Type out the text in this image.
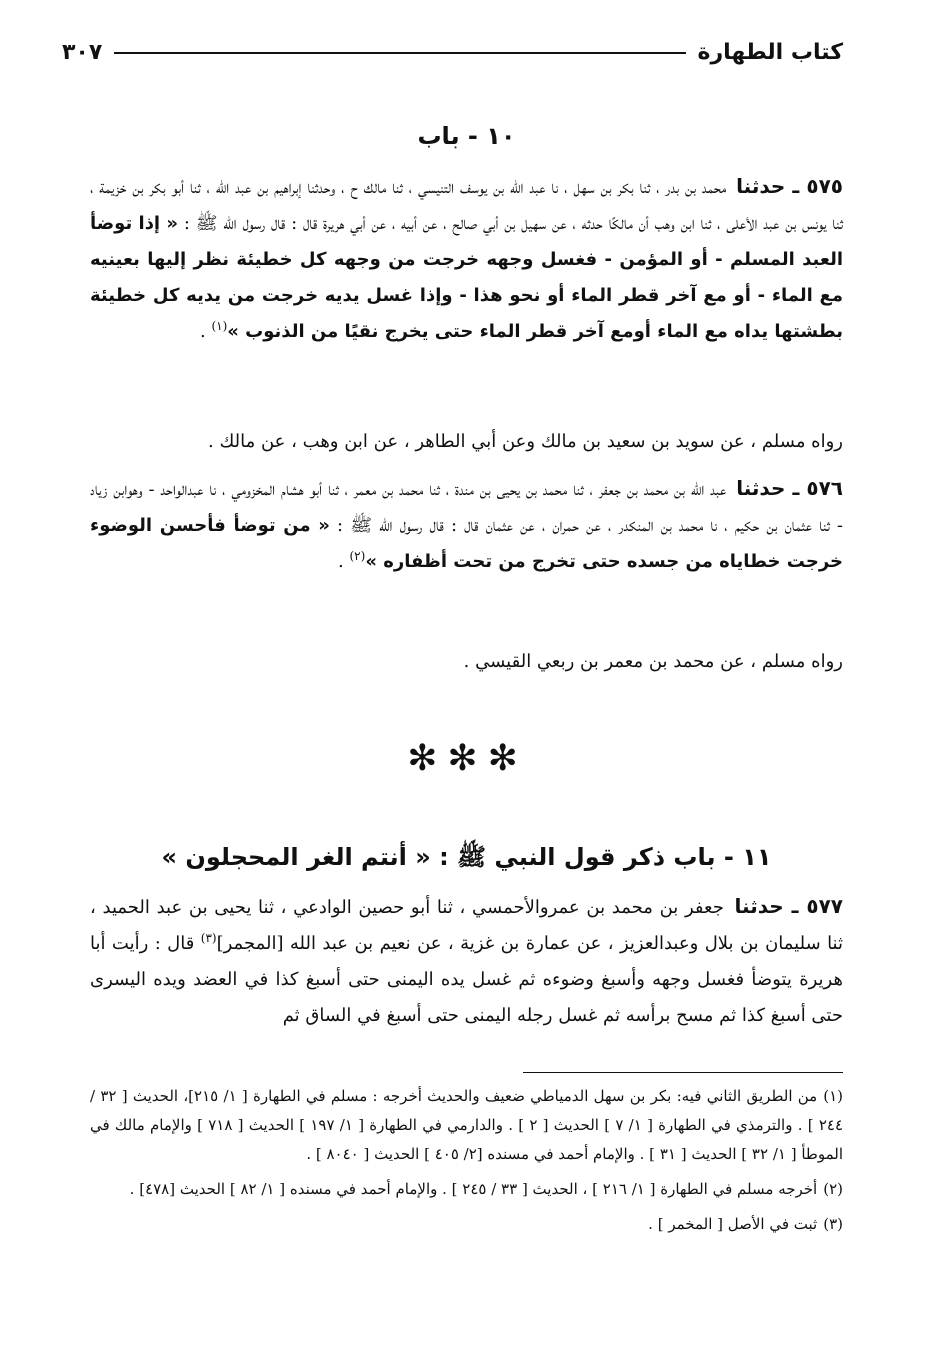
كتاب الطهارة
٣٠٧
١٠ - باب
٥٧٥ ـ حدثنا محمد بن بدر ، ثنا بكر بن سهل ، نا عبد الله بن يوسف التنيسي ، ثنا مالك ح ، وحدثنا إبراهيم بن عبد الله ، ثنا أبو بكر بن خزيمة ، ثنا يونس بن عبد الأعلى ، ثنا ابن وهب أن مالكًا حدثه ، عن سهيل بن أبي صالح ، عن أبيه ، عن أبي هريرة قال : قال رسول الله ﷺ : « إذا توضأ العبد المسلم - أو المؤمن - فغسل وجهه خرجت من وجهه كل خطيئة نظر إليها بعينيه مع الماء - أو مع آخر قطر الماء أو نحو هذا - وإذا غسل يديه خرجت من يديه كل خطيئة بطشتها يداه مع الماء أومع آخر قطر الماء حتى يخرج نقيًا من الذنوب »$^{(١)}$ .
رواه مسلم ، عن سويد بن سعيد بن مالك وعن أبي الطاهر ، عن ابن وهب ، عن مالك .
٥٧٦ ـ حدثنا عبد الله بن محمد بن جعفر ، ثنا محمد بن يحيى بن مندة ، ثنا محمد بن معمر ، ثنا أبو هشام المخزومي ، نا عبدالواحد - وهوابن زياد - ثنا عثمان بن حكيم ، نا محمد بن المنكدر ، عن حمران ، عن عثمان قال : قال رسول الله ﷺ : « من توضأ فأحسن الوضوء خرجت خطاياه من جسده حتى تخرج من تحت أظفاره »$^{(٢)}$ .
رواه مسلم ، عن محمد بن معمر بن ربعي القيسي .
✻✻✻
١١ - باب ذكر قول النبي ﷺ : « أنتم الغر المحجلون »
٥٧٧ ـ حدثنا جعفر بن محمد بن عمروالأحمسي ، ثنا أبو حصين الوادعي ، ثنا يحيى بن عبد الحميد ، ثنا سليمان بن بلال وعبدالعزيز ، عن عمارة بن غزية ، عن نعيم بن عبد الله [المجمر]$^{(٣)}$ قال : رأيت أبا هريرة يتوضأ فغسل وجهه وأسبغ وضوءه ثم غسل يده اليمنى حتى أسبغ كذا في العضد ويده اليسرى حتى أسبغ كذا ثم مسح برأسه ثم غسل رجله اليمنى حتى أسبغ في الساق ثم

(١)من الطريق الثاني فيه: بكر بن سهل الدمياطي ضعيف والحديث أخرجه : مسلم في الطهارة [ ١/ ٢١٥]، الحديث [ ٣٢ / ٢٤٤ ] . والترمذي في الطهارة [ ١/ ٧ ] الحديث [ ٢ ] . والدارمي في الطهارة [ ١/ ١٩٧ ] الحديث [ ٧١٨ ] والإمام مالك في الموطأ [ ١/ ٣٢ ] الحديث [ ٣١ ] . والإمام أحمد في مسنده [٢/ ٤٠٥ ] الحديث [ ٨٠٤٠ ] .

(٢)أخرجه مسلم في الطهارة [ ١/ ٢١٦ ] ، الحديث [ ٣٣ / ٢٤٥ ] . والإمام أحمد في مسنده [ ١/ ٨٢ ] الحديث [٤٧٨] .

(٣)ثبت في الأصل [ المخمر ] .
